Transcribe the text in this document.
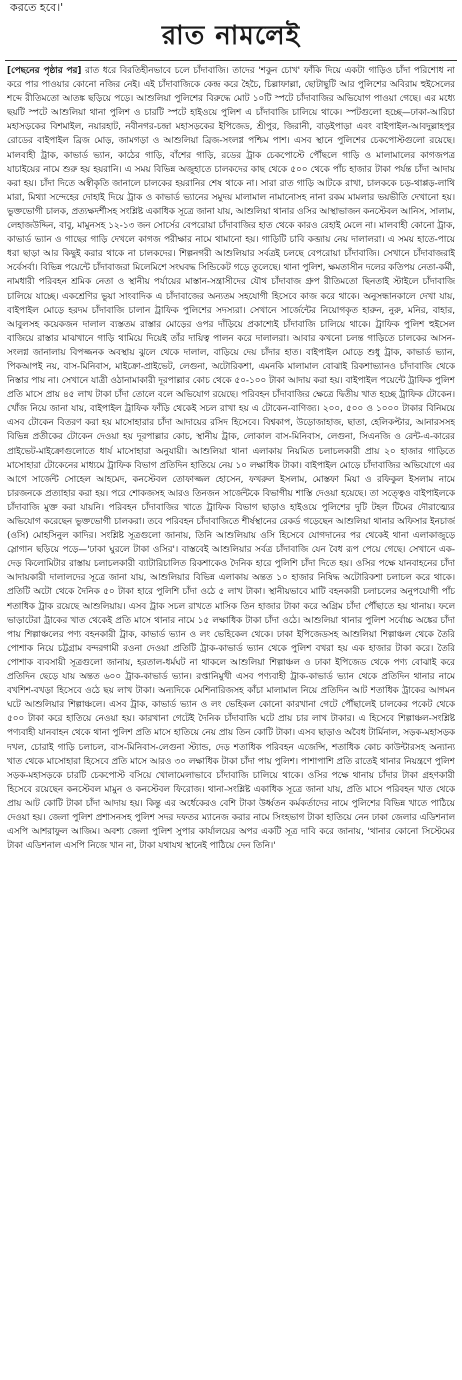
করতে হবে।'
রাত নামলেই

[পেছনের পৃষ্ঠার পর] রাত ধরে বিরতিহীনভাবে চলে চাঁদাবাজি। তাদের 'শকুন চোখ' ফাঁকি দিয়ে একটা গাড়িও চাঁদা পরিশোধ না করে পার পাওয়ার কোনো নজির নেই। এই চাঁদাবাজিকে কেন্দ্র করে হৈচৈ, চিল্লাফাল্লা, ছোটাছুটি আর পুলিশের অবিরাম হুইসেলের শব্দে রীতিমতো আতঙ্ক ছড়িয়ে পড়ে। আশুলিয়া পুলিশের বিরুদ্ধে মোট ১০টি স্পটে চাঁদাবাজির অভিযোগ পাওয়া গেছে। এর মধ্যে ছয়টি স্পটে আশুলিয়া থানা পুলিশ ও চারটি স্পটে হাইওয়ে পুলিশ এ চাঁদাবাজি চালিয়ে থাকে। স্পটগুলো হচ্ছে—ঢাকা-আরিচা মহাসড়কের বিশমাইল, নয়ারহাট, নবীনগর-চন্দ্রা মহাসড়কের ইপিজেড, শ্রীপুর, জিরানী, বাড়ইপাড়া এবং বাইপাইল-আবদুল্লাহপুর রোডের বাইপাইল ব্রিজ মোড়, জামগড়া ও আশুলিয়া ব্রিজ-সংলগ্ন পশ্চিম পাশ। এসব স্থানে পুলিশের চেকপোস্টগুলো রয়েছে। মালবাহী ট্রাক, কাভার্ড ভ্যান, কাঠের গাড়ি, বাঁশের গাড়ি, রডের ট্রাক চেকপোস্টে পৌঁছলে গাড়ি ও মালামালের কাগজপত্র যাচাইয়ের নামে শুরু হয় হয়রানি। এ সময় বিভিন্ন অজুহাতে চালকদের কাছ থেকে ৫০০ থেকে পাঁচ হাজার টাকা পর্যন্ত চাঁদা আদায় করা হয়। চাঁদা দিতে অস্বীকৃতি জানালে চালকের হয়রানির শেষ থাকে না। সারা রাত গাড়ি আটকে রাখা, চালককে চড়-থাপ্পড়-লাথি মারা, মিথ্যা সন্দেহের দোহাই দিয়ে ট্রাক ও কাভার্ড ভ্যানের সমুদয় মালামাল নামানোসহ নানা রকম মামলার ভয়ভীতি দেখানো হয়। ভুক্তভোগী চালক, প্রত্যক্ষদর্শীসহ সংশ্লিষ্ট একাধিক সূত্রে জানা যায়, আশুলিয়া থানার ওসির আস্থাভাজন কনস্টেবল আনিস, সালাম, লেহাজউদ্দিন, বাবু, মামুনসহ ১২-১৩ জন সোর্সের বেপরোয়া চাঁদাবাজির হাত থেকে কারও রেহাই মেলে না। মালবাহী কোনো ট্রাক, কাভার্ড ভ্যান ও গাছের গাড়ি দেখলে কাগজ পরীক্ষার নামে থামানো হয়। গাড়িটি চাবি কব্জায় নেয় দালালরা। এ সময় হাতে-পায়ে ধরা ছাড়া আর কিছুই করার থাকে না চালকদের। শিল্পনগরী আশুলিয়ার সর্বত্রই চলছে বেপরোয়া চাঁদাবাজি। সেখানে চাঁদাবাজরাই সর্বেসর্বা। বিভিন্ন পয়েন্টে চাঁদাবাজরা মিলেমিশে সংঘবদ্ধ সিন্ডিকেট গড়ে তুলেছে। থানা পুলিশ, ক্ষমতাসীন দলের কতিপয় নেতা-কর্মী, নামধারী পরিবহন শ্রমিক নেতা ও স্থানীয় পর্যায়ের মাস্তান-সন্ত্রাসীদের যৌথ চাঁদাবাজ গ্রুপ রীতিমতো ছিনতাই স্টাইলে চাঁদাবাজি চালিয়ে যাচ্ছে। একশ্রেণির ভুয়া সাংবাদিক এ চাঁদাবাজের অন্যতম সহযোগী হিসেবে কাজ করে থাকে। অনুসন্ধানকালে দেখা যায়, বাইপাইল মোড়ে হরদম চাঁদাবাজি চালান ট্রাফিক পুলিশের সদস্যরা। সেখানে সার্জেন্টের নিয়োগকৃত হারুন, নুরু, মনির, বাহার, আবুলসহ কয়েকজন দালাল ব্যস্ততম রাস্তার মোড়ের ওপর দাঁড়িয়ে প্রকাশ্যেই চাঁদাবাজি চালিয়ে থাকে। ট্রাফিক পুলিশ হুইসেল বাজিয়ে রাস্তার মাঝখানে গাড়ি থামিয়ে দিয়েই তাঁর দায়িত্ব পালন করে দালালরা। আবার কখনো চলন্ত গাড়িতে চালকের আসন-সংলগ্ন জানালায় বিপজ্জনক অবস্থায় ঝুলে থেকে দালাল, বাড়িয়ে দেয় চাঁদার হাত। বাইপাইল মোড়ে শুধু ট্রাক, কাভার্ড ভ্যান, পিকআপই নয়, বাস-মিনিবাস, মাইক্রো-প্রাইভেট, লেগুনা, অটোরিকশা, এমনকি মালামাল বোঝাই রিকশাভ্যানও চাঁদাবাজি থেকে নিস্তার পায় না। সেখানে যাত্রী ওঠানামাকারী দূরপাল্লার কোচ থেকে ৫০-১০০ টাকা আদায় করা হয়। বাইপাইল পয়েন্টে ট্রাফিক পুলিশ প্রতি মাসে প্রায় ৪৫ লাখ টাকা চাঁদা তোলে বলে অভিযোগ রয়েছে। পরিবহন চাঁদাবাজির ক্ষেত্রে দ্বিতীয় খাত হচ্ছে ট্রাফিক টোকেন। খোঁজ নিয়ে জানা যায়, বাইপাইল ট্রাফিক ফাঁড়ি থেকেই সচল রাখা হয় এ টোকেন-বাণিজ্য। ২০০, ৫০০ ও ১০০০ টাকার বিনিময়ে এসব টোকেন বিতরণ করা হয় মাসোহারার চাঁদা আদায়ের রসিদ হিসেবে। বিশ্বকাপ, উড়োজাহাজ, ছাতা, হেলিকপ্টার, আনারসসহ বিভিন্ন প্রতীকের টোকেন দেওয়া হয় দূরপাল্লার কোচ, স্থানীয় ট্রাক, লোকাল বাস-মিনিবাস, লেগুনা, সিএনজি ও রেন্ট-এ-কারের প্রাইভেট-মাইক্রোগুলোতে ধার্য মাসোহারা অনুযায়ী। আশুলিয়া থানা এলাকায় নিয়মিত চলাচলকারী প্রায় ২০ হাজার গাড়িতে মাসোহারা টোকেনের মাধ্যমে ট্রাফিক বিভাগ প্রতিদিন হাতিয়ে নেয় ১০ লক্ষাধিক টাকা। বাইপাইল মোড়ে চাঁদাবাজির অভিযোগে এর আগে সার্জেন্ট সোহেল আহমেদ, কনস্টেবল তোফাজ্জল হোসেন, ফখরুল ইসলাম, মোস্তফা মিয়া ও রফিকুল ইসলাম নামে চারজনকে প্রত্যাহার করা হয়। পরে শোকজসহ আরও তিনজন সার্জেন্টকে বিভাগীয় শাস্তি দেওয়া হয়েছে। তা সত্ত্বেও বাইপাইলকে চাঁদাবাজি মুক্ত করা যায়নি। পরিবহন চাঁদাবাজির খাতে ট্রাফিক বিভাগ ছাড়াও হাইওয়ে পুলিশের দুটি টহল টিমের দৌরাত্ম্যের অভিযোগ করেছেন ভুক্তভোগী চালকরা। তবে পরিবহন চাঁদাবাজিতে শীর্ষস্থানের রেকর্ড গড়েছেন আশুলিয়া থানার অফিসার ইনচার্জ (ওসি) মোহসিনুল কাদির। সংশ্লিষ্ট সূত্রগুলো জানায়, তিনি আশুলিয়ায় ওসি হিসেবে যোগদানের পর থেকেই থানা এলাকাজুড়ে স্লোগান ছড়িয়ে পড়ে—'ঢাকা ঘুরলে টাকা ওসির'। বাস্তবেই আশুলিয়ার সর্বত্র চাঁদাবাজি যেন বৈধ রূপ পেয়ে গেছে। সেখানে এক-দেড় কিলোমিটার রাস্তায় চলাচলকারী ব্যাটারিচালিত রিকশাকেও দৈনিক হারে পুলিশি চাঁদা দিতে হয়। ওসির পক্ষে যানবাহনের চাঁদা আদায়কারী দালালদের সূত্রে জানা যায়, আশুলিয়ার বিভিন্ন এলাকায় অন্তত ১০ হাজার নিষিদ্ধ অটোরিকশা চলাচল করে থাকে। প্রতিটি অটো থেকে দৈনিক ৫০ টাকা হারে পুলিশি চাঁদা ওঠে ৫ লাখ টাকা। স্থানীয়ভাবে মাটি বহনকারী চলাচলের অনুপযোগী পাঁচ শতাধিক ট্রাক রয়েছে আশুলিয়ায়। এসব ট্রাক সচল রাখতে মাসিক তিন হাজার টাকা করে অগ্রিম চাঁদা পৌঁছাতে হয় থানায়। ফলে ভাড়াটেরা ট্রাকের খাত থেকেই প্রতি মাসে থানার নামে ১৫ লক্ষাধিক টাকা চাঁদা ওঠে। আশুলিয়া থানার পুলিশ সর্বোচ্চ অঙ্কের চাঁদা পায় শিল্পাঞ্চলের পণ্য বহনকারী ট্রাক, কাভার্ড ভ্যান ও লং ভেহিকেল থেকে। ঢাকা ইপিজেডসহ আশুলিয়া শিল্পাঞ্চল থেকে তৈরি পোশাক নিয়ে চট্টগ্রাম বন্দরগামী রওনা দেওয়া প্রতিটি ট্রাক-কাভার্ড ভ্যান থেকে পুলিশ বখরা হয় এক হাজার টাকা করে। তৈরি পোশাক ব্যবসায়ী সূত্রগুলো জানায়, হরতাল-ধর্মঘট না থাকলে আশুলিয়া শিল্পাঞ্চল ও ঢাকা ইপিজেড থেকে পণ্য বোঝাই করে প্রতিদিন ছেড়ে যায় অন্তত ৬০০ ট্রাক-কাভার্ড ভ্যান। রপ্তানিমুখী এসব পণ্যবাহী ট্রাক-কাভার্ড ভ্যান থেকে প্রতিদিন থানার নামে বখশিশ-বখড়া হিসেবে ওঠে ছয় লাখ টাকা। অন্যদিকে মেশিনারিজসহ কাঁচা মালামাল নিয়ে প্রতিদিন আট শতাধিক ট্রাকের আগমন ঘটে আশুলিয়ার শিল্পাঞ্চলে। এসব ট্রাক, কাভার্ড ভ্যান ও লং ভেহিকল কোনো কারখানা গেটে পৌঁছালেই চালকের পকেট থেকে ৫০০ টাকা করে হাতিয়ে নেওয়া হয়। কারখানা গেটেই দৈনিক চাঁদাবাজি ঘটে প্রায় চার লাখ টাকার। এ হিসেবে শিল্পাঞ্চল-সংশ্লিষ্ট পণ্যবাহী যানবাহন থেকে থানা পুলিশ প্রতি মাসে হাতিয়ে নেয় প্রায় তিন কোটি টাকা। এসব ছাড়াও অবৈধ টার্মিনাল, সড়ক-মহাসড়ক দখল, চোরাই গাড়ি চলাচল, বাস-মিনিবাস-লেগুনা স্ট্যান্ড, দেড় শতাধিক পরিবহন এজেন্সি, শতাধিক কোচ কাউন্টারসহ অন্যান্য খাত থেকে মাসোহারা হিসেবে প্রতি মাসে আরও ৩০ লক্ষাধিক টাকা চাঁদা পায় পুলিশ। পাশাপাশি প্রতি রাতেই থানার নিয়ন্ত্রণে পুলিশ সড়ক-মহাসড়কে চারটি চেকপোস্ট বসিয়ে খোলামেলাভাবে চাঁদাবাজি চালিয়ে থাকে। ওসির পক্ষে থানায় চাঁদার টাকা গ্রহণকারী হিসেবে রয়েছেন কনস্টেবল মামুন ও কনস্টেবল ফিরোজ। থানা-সংশ্লিষ্ট একাধিক সূত্রে জানা যায়, প্রতি মাসে পরিবহন খাত থেকে প্রায় আট কোটি টাকা চাঁদা আদায় হয়। কিন্তু এর অর্ধেকেরও বেশি টাকা উর্ধ্বতন কর্মকর্তাদের নামে পুলিশের বিভিন্ন খাতে পাঠিয়ে দেওয়া হয়। জেলা পুলিশ প্রশাসনসহ পুলিশ সদর দফতর ম্যানেজ করার নামে সিংহভাগ টাকা হাতিয়ে নেন ঢাকা জেলার এডিশনাল এসপি আশরাফুল আজিম। অবশ্য জেলা পুলিশ সুপার কার্যালয়ের অপর একটি সূত্র দাবি করে জানায়, 'থানার কোনো সিস্টেমের টাকা এডিশনাল এসপি নিজে খান না, টাকা যথাযথ স্থানেই পাঠিয়ে দেন তিনি।'
